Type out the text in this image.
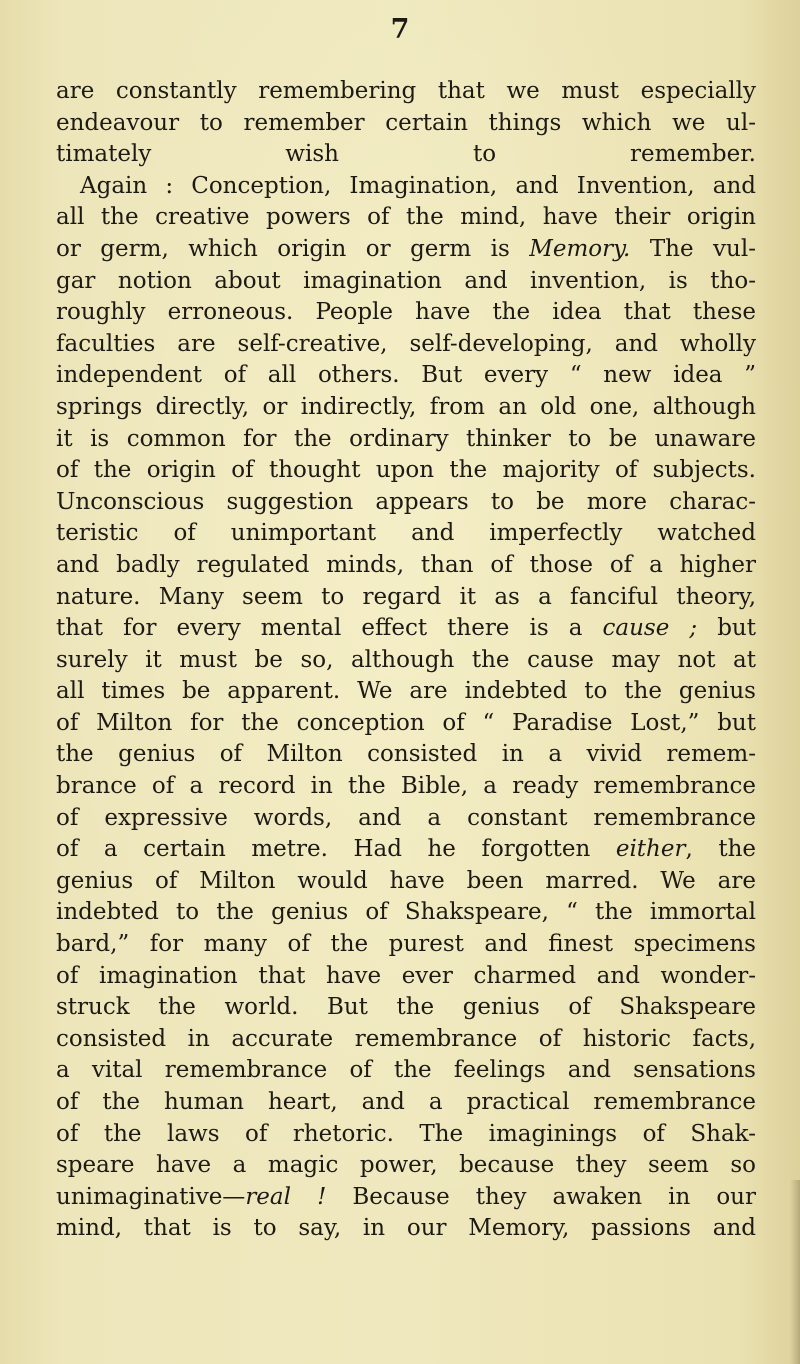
7
are constantly remembering that we must especially
endeavour to remember certain things which we ul-
timately wish to remember.
Again : Conception, Imagination, and Invention, and
all the creative powers of the mind, have their origin
or germ, which origin or germ is Memory. The vul-
gar notion about imagination and invention, is tho-
roughly erroneous. People have the idea that these
faculties are self-creative, self-developing, and wholly
independent of all others. But every “ new idea ”
springs directly, or indirectly, from an old one, although
it is common for the ordinary thinker to be unaware
of the origin of thought upon the majority of subjects.
Unconscious suggestion appears to be more charac-
teristic of unimportant and imperfectly watched
and badly regulated minds, than of those of a higher
nature. Many seem to regard it as a fanciful theory,
that for every mental effect there is a cause ; but
surely it must be so, although the cause may not at
all times be apparent. We are indebted to the genius
of Milton for the conception of “ Paradise Lost,” but
the genius of Milton consisted in a vivid remem-
brance of a record in the Bible, a ready remembrance
of expressive words, and a constant remembrance
of a certain metre. Had he forgotten either, the
genius of Milton would have been marred. We are
indebted to the genius of Shakspeare, “ the immortal
bard,” for many of the purest and finest specimens
of imagination that have ever charmed and wonder-
struck the world. But the genius of Shakspeare
consisted in accurate remembrance of historic facts,
a vital remembrance of the feelings and sensations
of the human heart, and a practical remembrance
of the laws of rhetoric. The imaginings of Shak-
speare have a magic power, because they seem so
unimaginative—real ! Because they awaken in our
mind, that is to say, in our Memory, passions and
